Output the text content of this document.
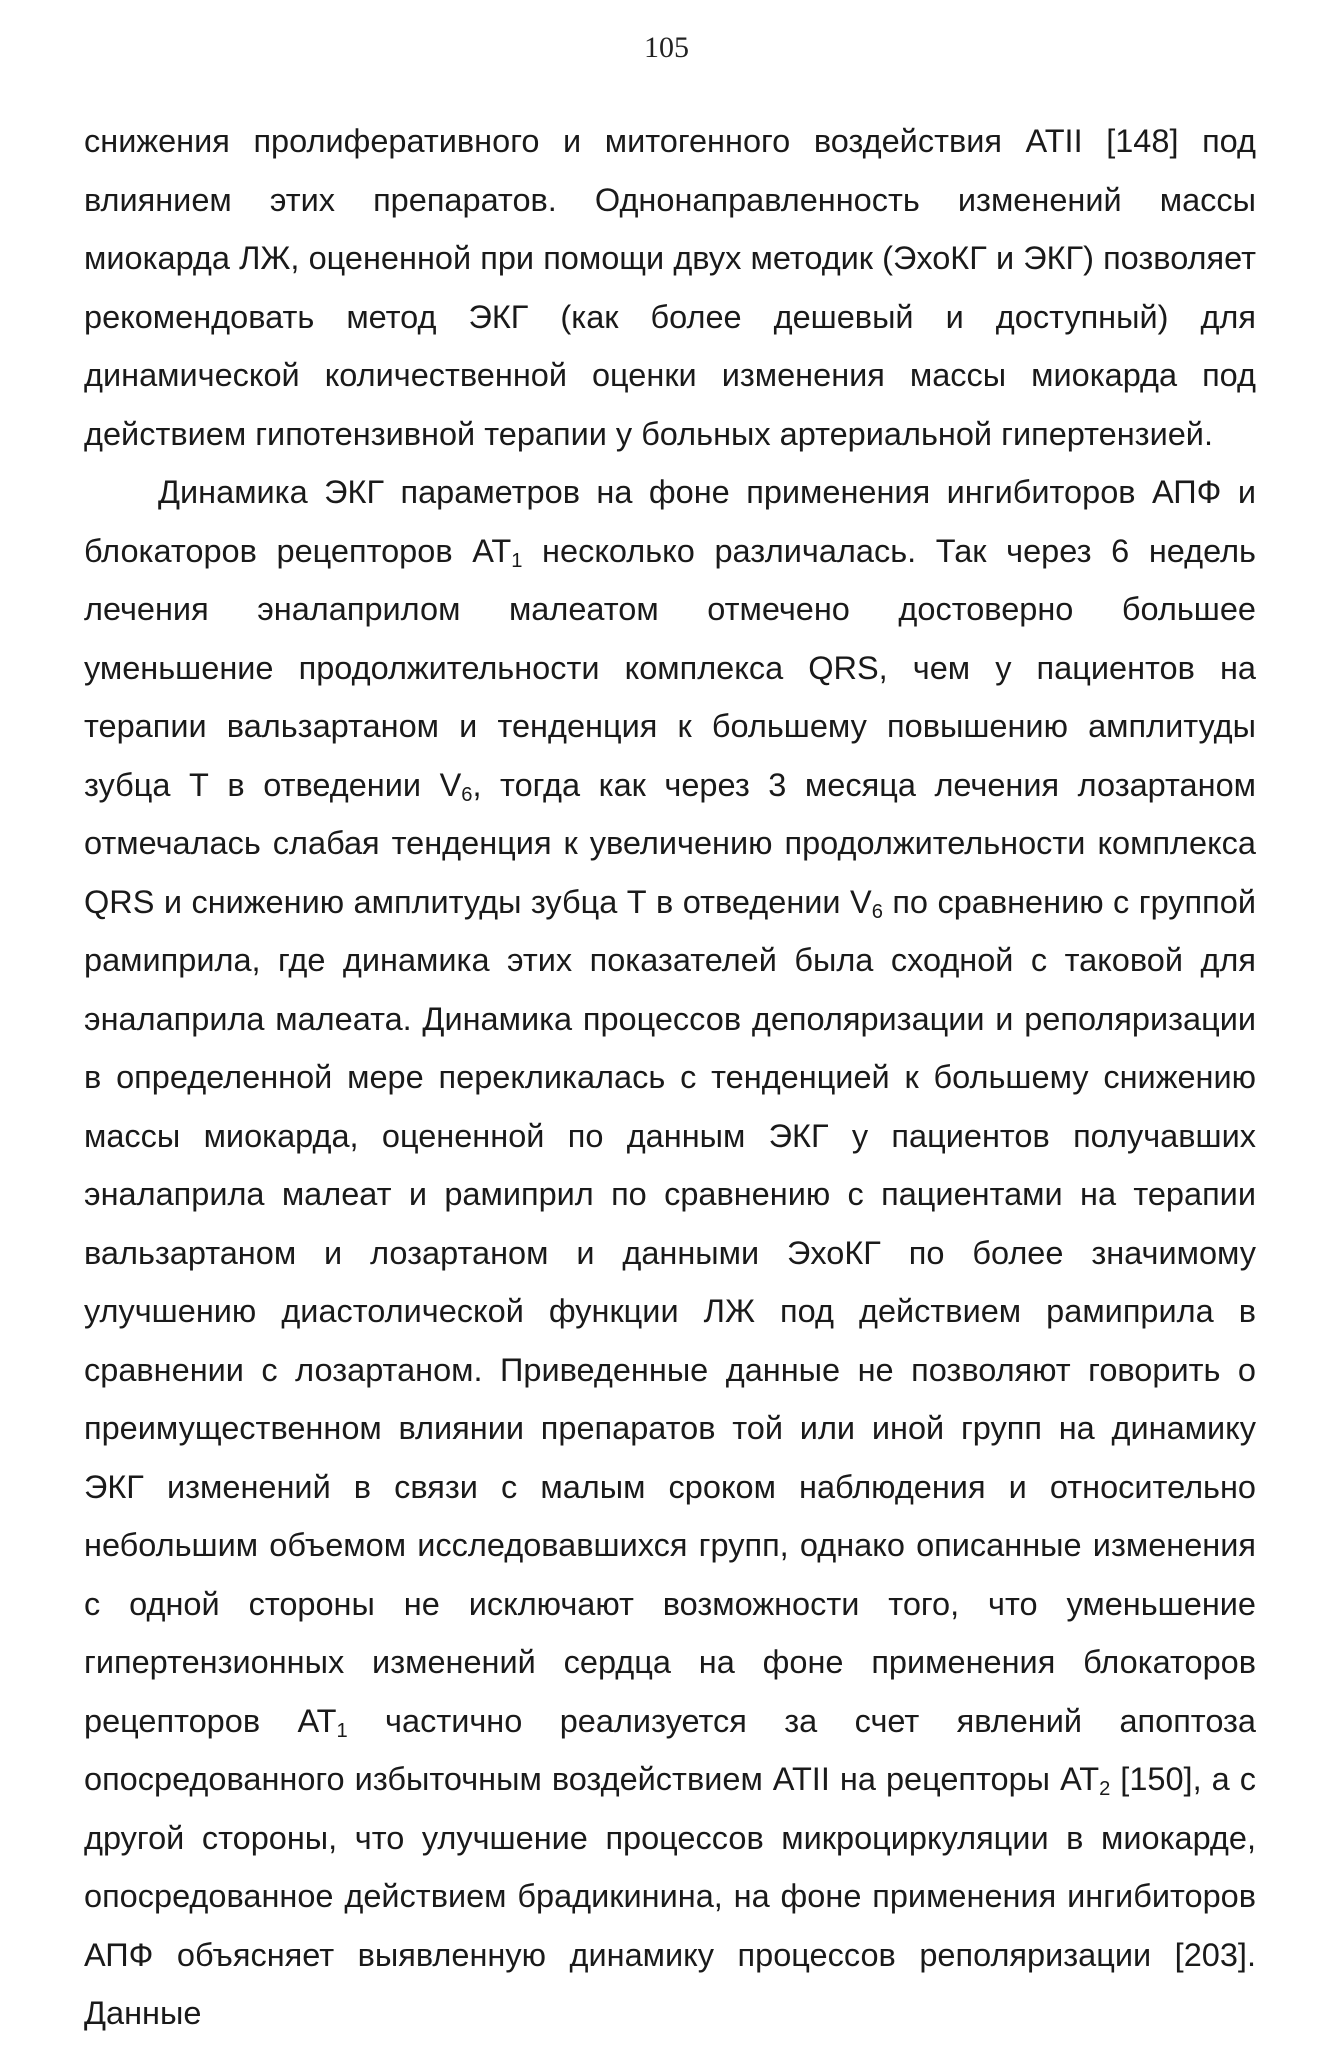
105

снижения пролиферативного и митогенного воздействия АТII [148] под влиянием этих препаратов. Однонаправленность изменений массы миокарда ЛЖ, оцененной при помощи двух методик (ЭхоКГ и ЭКГ) позволяет рекомендовать метод ЭКГ (как более дешевый и доступный) для динамической количественной оценки изменения массы миокарда под действием гипотензивной терапии у больных артериальной гипертензией.

Динамика ЭКГ параметров на фоне применения ингибиторов АПФ и блокаторов рецепторов $АТ_1$ несколько различалась. Так через 6 недель лечения эналаприлом малеатом отмечено достоверно большее уменьшение продолжительности комплекса QRS, чем у пациентов на терапии вальзартаном и тенденция к большему повышению амплитуды зубца Т в отведении $V_6$, тогда как через 3 месяца лечения лозартаном отмечалась слабая тенденция к увеличению продолжительности комплекса QRS и снижению амплитуды зубца Т в отведении $V_6$ по сравнению с группой рамиприла, где динамика этих показателей была сходной с таковой для эналаприла малеата. Динамика процессов деполяризации и реполяризации в определенной мере перекликалась с тенденцией к большему снижению массы миокарда, оцененной по данным ЭКГ у пациентов получавших эналаприла малеат и рамиприл по сравнению с пациентами на терапии вальзартаном и лозартаном и данными ЭхоКГ по более значимому улучшению диастолической функции ЛЖ под действием рамиприла в сравнении с лозартаном. Приведенные данные не позволяют говорить о преимущественном влиянии препаратов той или иной групп на динамику ЭКГ изменений в связи с малым сроком наблюдения и относительно небольшим объемом исследовавшихся групп, однако описанные изменения с одной стороны не исключают возможности того, что уменьшение гипертензионных изменений сердца на фоне применения блокаторов рецепторов $АТ_1$ частично реализуется за счет явлений апоптоза опосредованного избыточным воздействием АТII на рецепторы $АТ_2$ [150], а с другой стороны, что улучшение процессов микроциркуляции в миокарде, опосредованное действием брадикинина, на фоне применения ингибиторов АПФ объясняет выявленную динамику процессов реполяризации [203]. Данные
